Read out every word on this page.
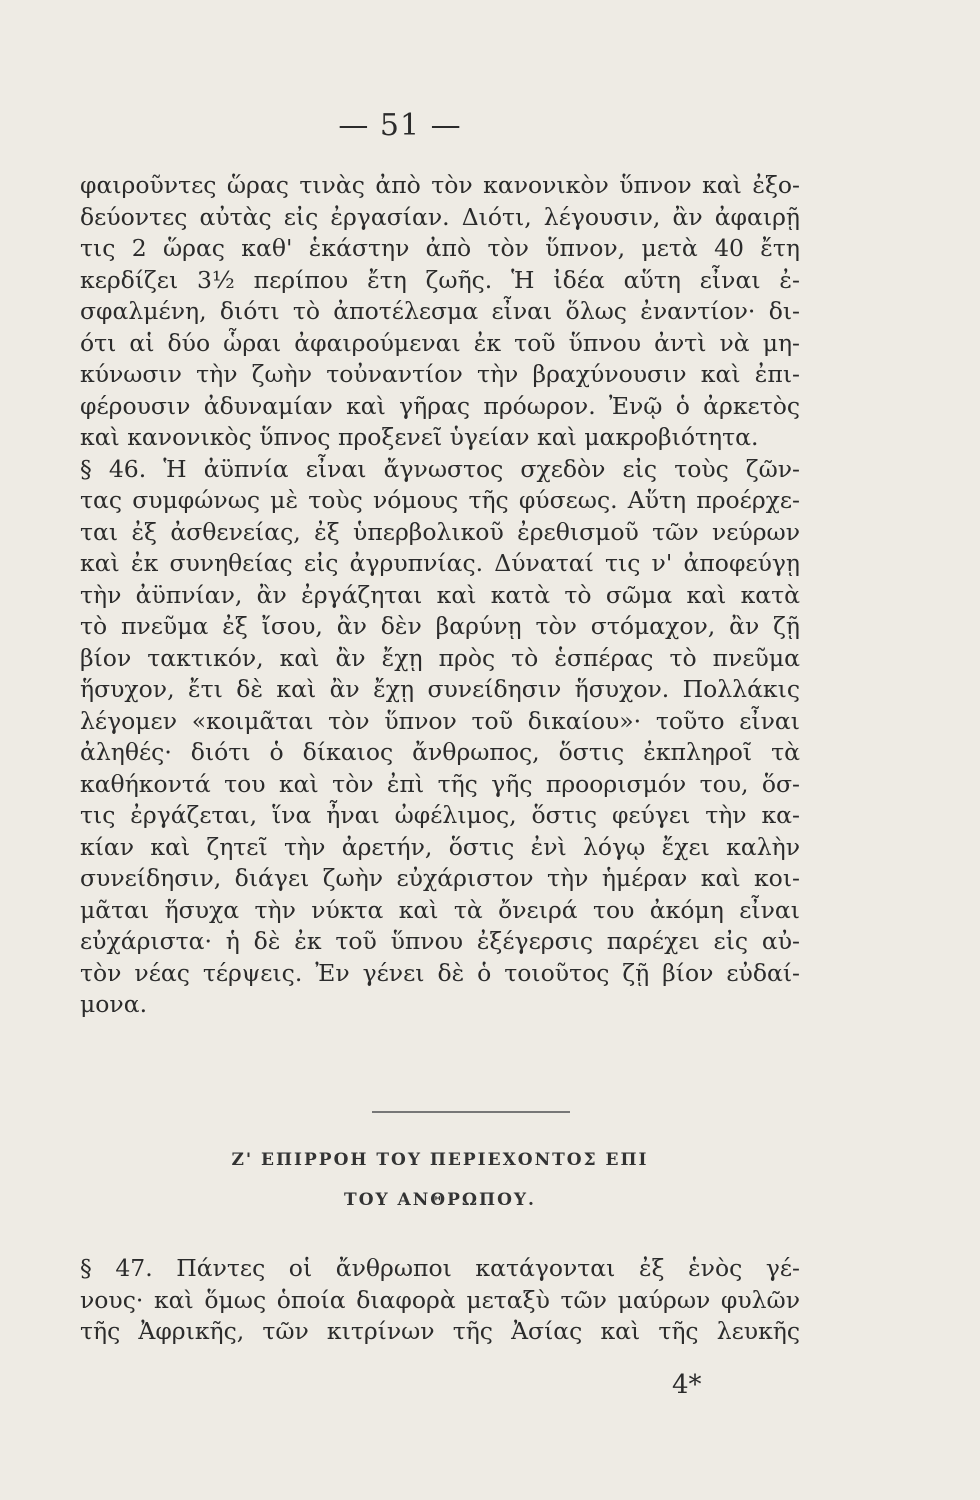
— 51 —
φαιροῦντες ὥρας τινὰς ἀπὸ τὸν κανονικὸν ὕπνον καὶ ἐξο-
δεύοντες αὐτὰς εἰς ἐργασίαν. Διότι, λέγουσιν, ἂν ἀφαιρῇ
τις 2 ὥρας καθ' ἑκάστην ἀπὸ τὸν ὕπνον, μετὰ 40 ἔτη
κερδίζει 3½ περίπου ἔτη ζωῆς. Ἡ ἰδέα αὕτη εἶναι ἐ-
σφαλμένη, διότι τὸ ἀποτέλεσμα εἶναι ὅλως ἐναντίον· δι-
ότι αἱ δύο ὧραι ἀφαιρούμεναι ἐκ τοῦ ὕπνου ἀντὶ νὰ μη-
κύνωσιν τὴν ζωὴν τοὐναντίον τὴν βραχύνουσιν καὶ ἐπι-
φέρουσιν ἀδυναμίαν καὶ γῆρας πρόωρον. Ἐνῷ ὁ ἀρκετὸς
καὶ κανονικὸς ὕπνος προξενεῖ ὑγείαν καὶ μακροβιότητα.
§ 46. Ἡ ἀϋπνία εἶναι ἄγνωστος σχεδὸν εἰς τοὺς ζῶν-
τας συμφώνως μὲ τοὺς νόμους τῆς φύσεως. Αὕτη προέρχε-
ται ἐξ ἀσθενείας, ἐξ ὑπερβολικοῦ ἐρεθισμοῦ τῶν νεύρων
καὶ ἐκ συνηθείας εἰς ἀγρυπνίας. Δύναταί τις ν' ἀποφεύγῃ
τὴν ἀϋπνίαν, ἂν ἐργάζηται καὶ κατὰ τὸ σῶμα καὶ κατὰ
τὸ πνεῦμα ἐξ ἴσου, ἂν δὲν βαρύνῃ τὸν στόμαχον, ἂν ζῇ
βίον τακτικόν, καὶ ἂν ἔχῃ πρὸς τὸ ἑσπέρας τὸ πνεῦμα
ἥσυχον, ἔτι δὲ καὶ ἂν ἔχῃ συνείδησιν ἥσυχον. Πολλάκις
λέγομεν «κοιμᾶται τὸν ὕπνον τοῦ δικαίου»· τοῦτο εἶναι
ἀληθές· διότι ὁ δίκαιος ἄνθρωπος, ὅστις ἐκπληροῖ τὰ
καθήκοντά του καὶ τὸν ἐπὶ τῆς γῆς προορισμόν του, ὅσ-
τις ἐργάζεται, ἵνα ἦναι ὠφέλιμος, ὅστις φεύγει τὴν κα-
κίαν καὶ ζητεῖ τὴν ἀρετήν, ὅστις ἐνὶ λόγῳ ἔχει καλὴν
συνείδησιν, διάγει ζωὴν εὐχάριστον τὴν ἡμέραν καὶ κοι-
μᾶται ἥσυχα τὴν νύκτα καὶ τὰ ὄνειρά του ἀκόμη εἶναι
εὐχάριστα· ἡ δὲ ἐκ τοῦ ὕπνου ἐξέγερσις παρέχει εἰς αὐ-
τὸν νέας τέρψεις. Ἐν γένει δὲ ὁ τοιοῦτος ζῇ βίον εὐδαί-
μονα.
Ζ' ΕΠΙΡΡΟΗ ΤΟΥ ΠΕΡΙΕΧΟΝΤΟΣ ΕΠΙ
ΤΟΥ ΑΝΘΡΩΠΟΥ.
§ 47. Πάντες οἱ ἄνθρωποι κατάγονται ἐξ ἑνὸς γέ-
νους· καὶ ὅμως ὁποία διαφορὰ μεταξὺ τῶν μαύρων φυλῶν
τῆς Ἀφρικῆς, τῶν κιτρίνων τῆς Ἀσίας καὶ τῆς λευκῆς
4*
